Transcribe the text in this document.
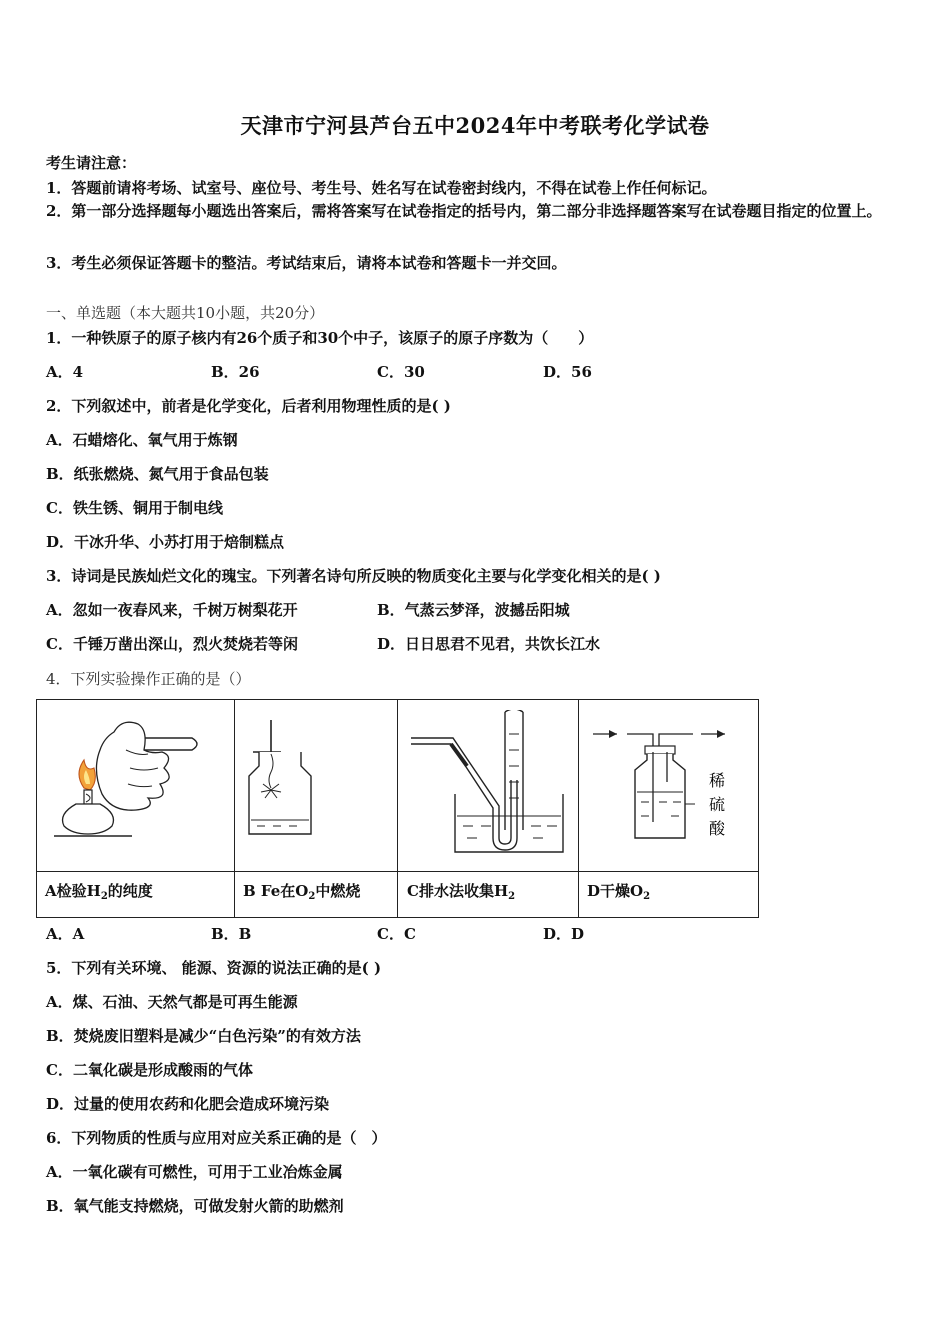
天津市宁河县芦台五中2024年中考联考化学试卷
考生请注意：
1．答题前请将考场、试室号、座位号、考生号、姓名写在试卷密封线内，不得在试卷上作任何标记。
2．第一部分选择题每小题选出答案后，需将答案写在试卷指定的括号内，第二部分非选择题答案写在试卷题目指定的位置上。
3．考生必须保证答题卡的整洁。考试结束后，请将本试卷和答题卡一并交回。
一、单选题（本大题共10小题，共20分）
1．一种铁原子的原子核内有26个质子和30个中子，该原子的原子序数为（　　）
A．4	B．26	C．30	D．56
2．下列叙述中，前者是化学变化，后者利用物理性质的是( )
A．石蜡熔化、氧气用于炼钢
B．纸张燃烧、氮气用于食品包装
C．铁生锈、铜用于制电线
D．干冰升华、小苏打用于焙制糕点
3．诗词是民族灿烂文化的瑰宝。下列著名诗句所反映的物质变化主要与化学变化相关的是( )
A．忽如一夜春风来，千树万树梨花开	B．气蒸云梦泽，波撼岳阳城
C．千锤万凿出深山，烈火焚烧若等闲	D．日日思君不见君，共饮长江水
4．下列实验操作正确的是（）
稀
硫
酸
A检验$H_2$的纯度	B Fe在$O_2$中燃烧	C排水法收集$H_2$	D干燥$O_2$
A．A	B．B	C．C	D．D
5．下列有关环境、 能源、资源的说法正确的是( )
A．煤、石油、天然气都是可再生能源
B．焚烧废旧塑料是减少“白色污染”的有效方法
C．二氧化碳是形成酸雨的气体
D．过量的使用农药和化肥会造成环境污染
6．下列物质的性质与应用对应关系正确的是（　）
A．一氧化碳有可燃性，可用于工业冶炼金属
B．氧气能支持燃烧，可做发射火箭的助燃剂
